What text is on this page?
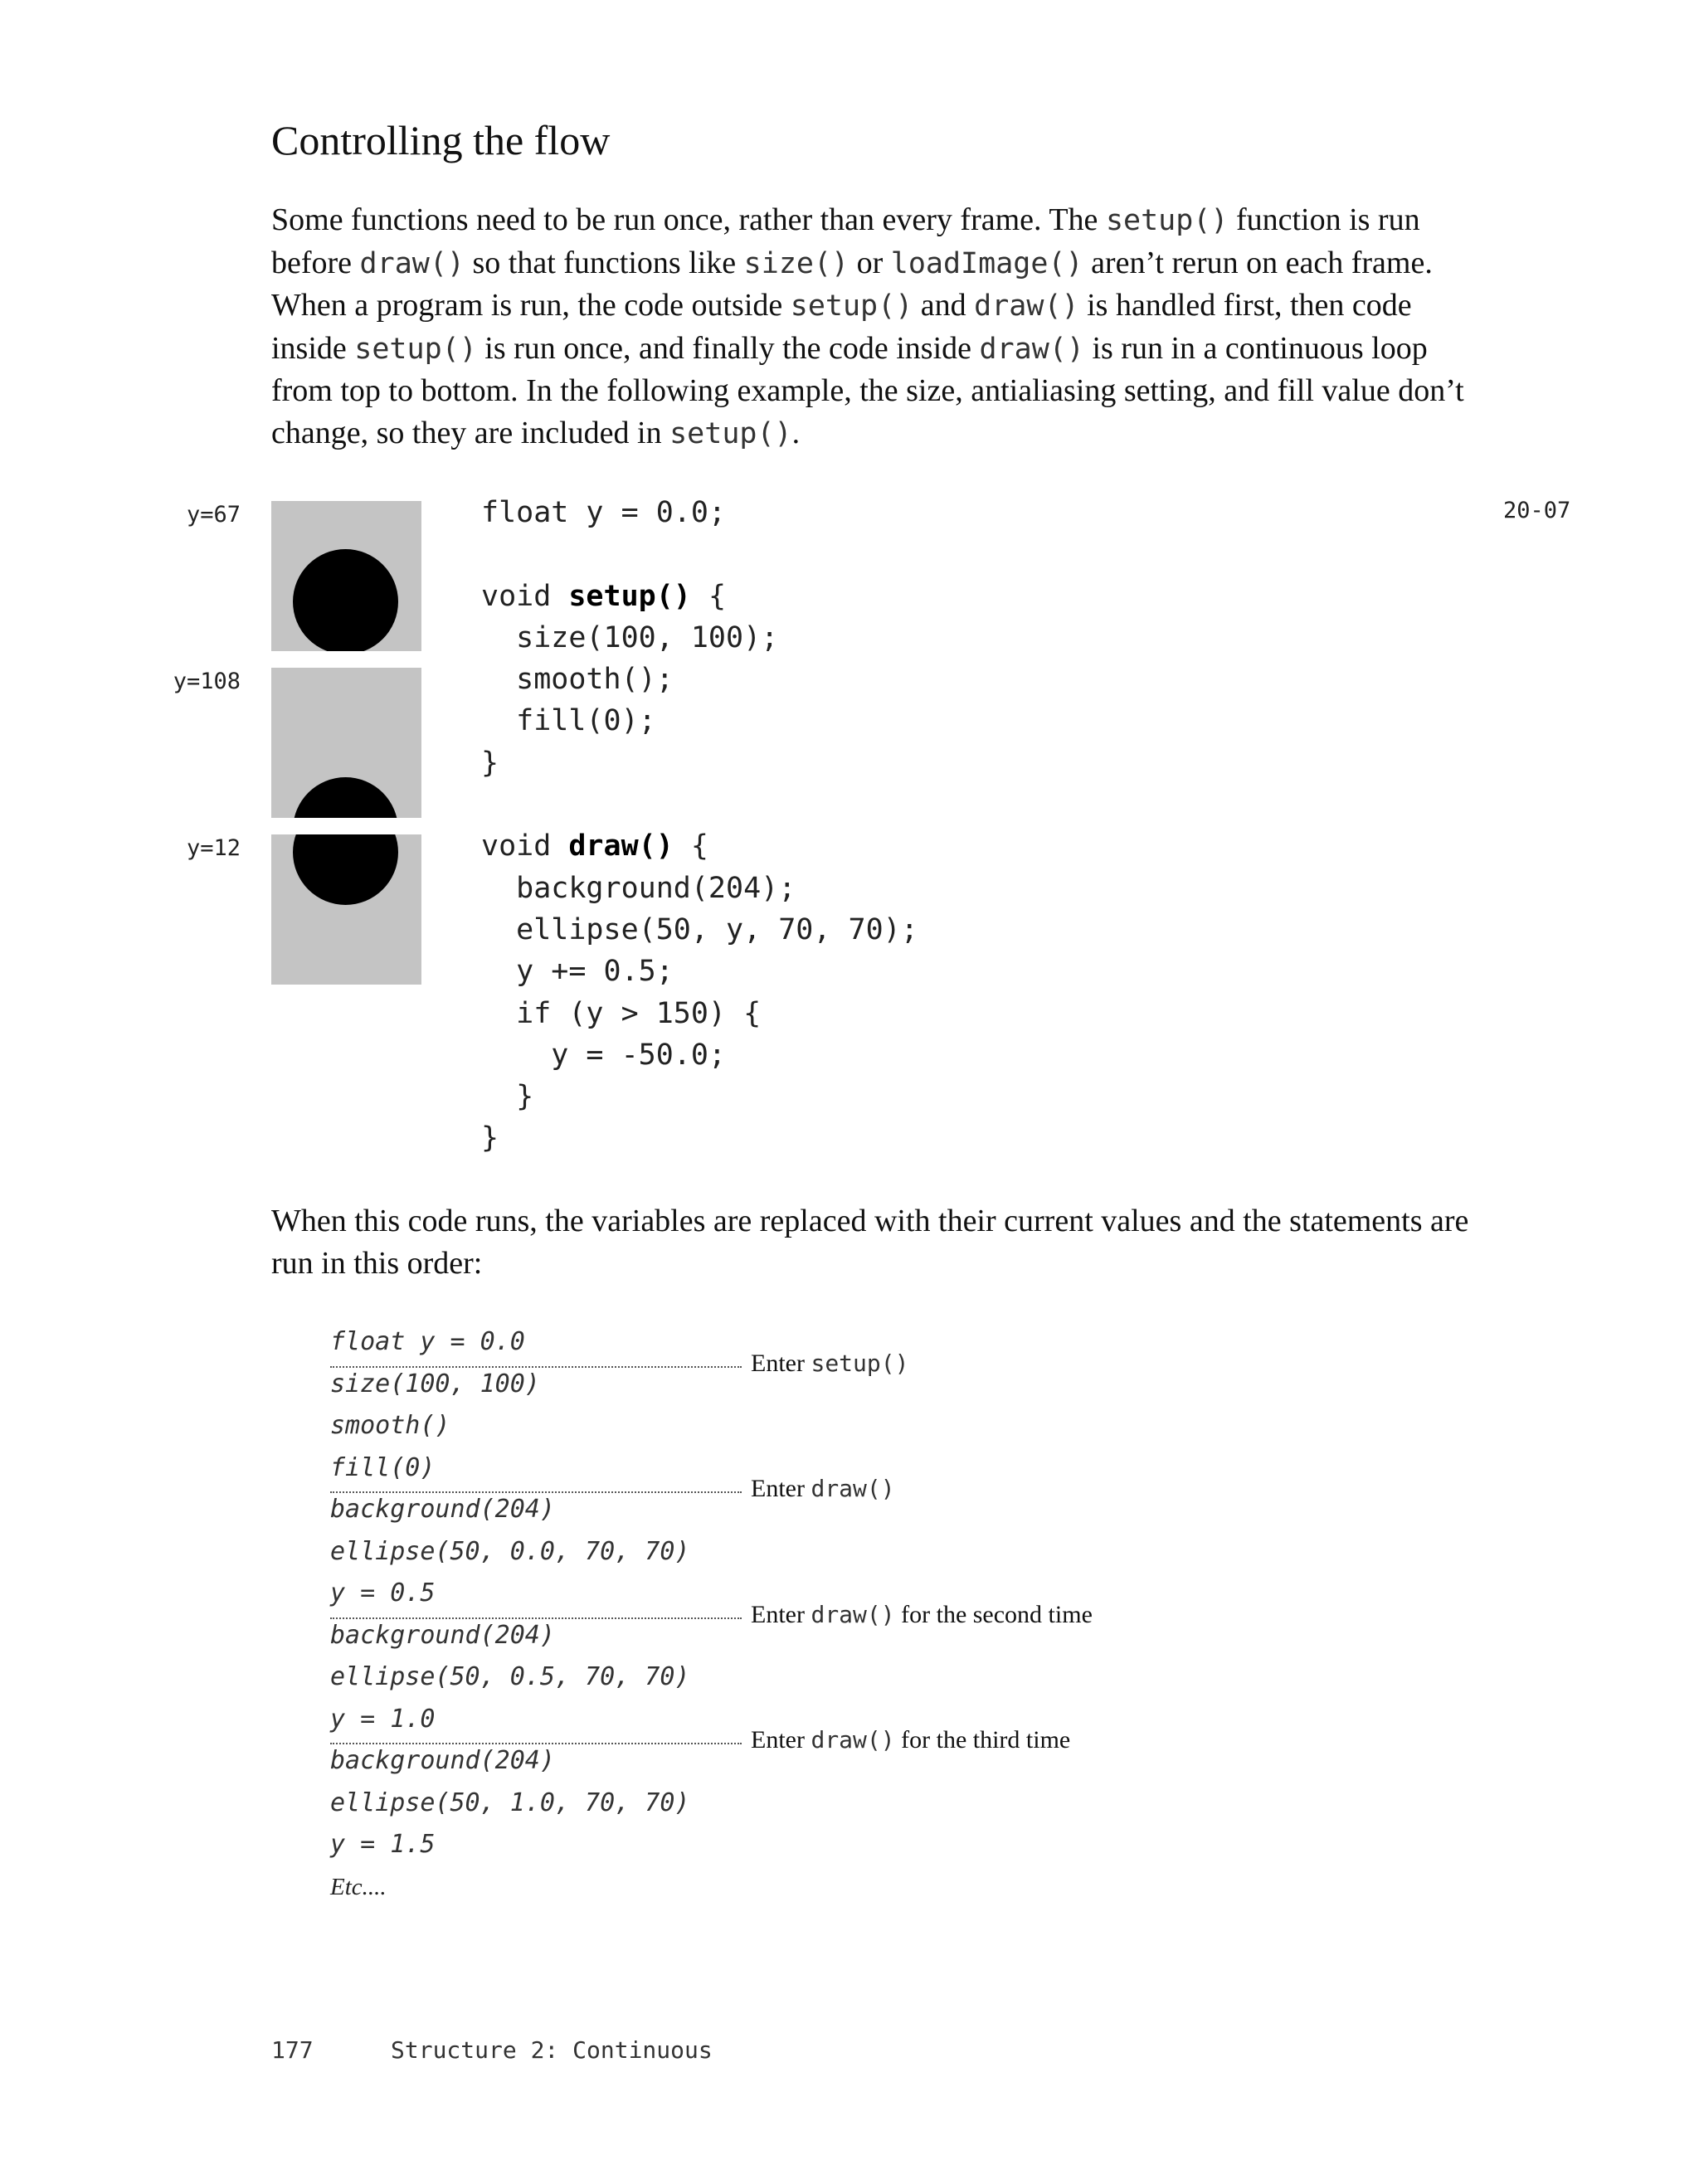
Controlling the flow

Some functions need to be run once, rather than every frame. The setup() function is run before draw() so that functions like size() or loadImage() aren’t rerun on each frame. When a program is run, the code outside setup() and draw() is handled first, then code inside setup() is run once, and finally the code inside draw() is run in a continuous loop from top to bottom. In the following example, the size, antialiasing setting, and fill value don’t change, so they are included in setup().

y=67
y=108
y=12
float y = 0.0;

void setup() {
size(100, 100);
smooth();
fill(0);
}

void draw() {
background(204);
ellipse(50, y, 70, 70);
y += 0.5;
if (y > 150) {
y = -50.0;
}
}
20-07

When this code runs, the variables are replaced with their current values and the statements are run in this order:

float y = 0.0
size(100, 100)
smooth()
fill(0)
background(204)
ellipse(50, 0.0, 70, 70)
y = 0.5
background(204)
ellipse(50, 0.5, 70, 70)
y = 1.0
background(204)
ellipse(50, 1.0, 70, 70)
y = 1.5
Etc....
Enter setup()
Enter draw()
Enter draw() for the second time
Enter draw() for the third time
177	Structure 2: Continuous
